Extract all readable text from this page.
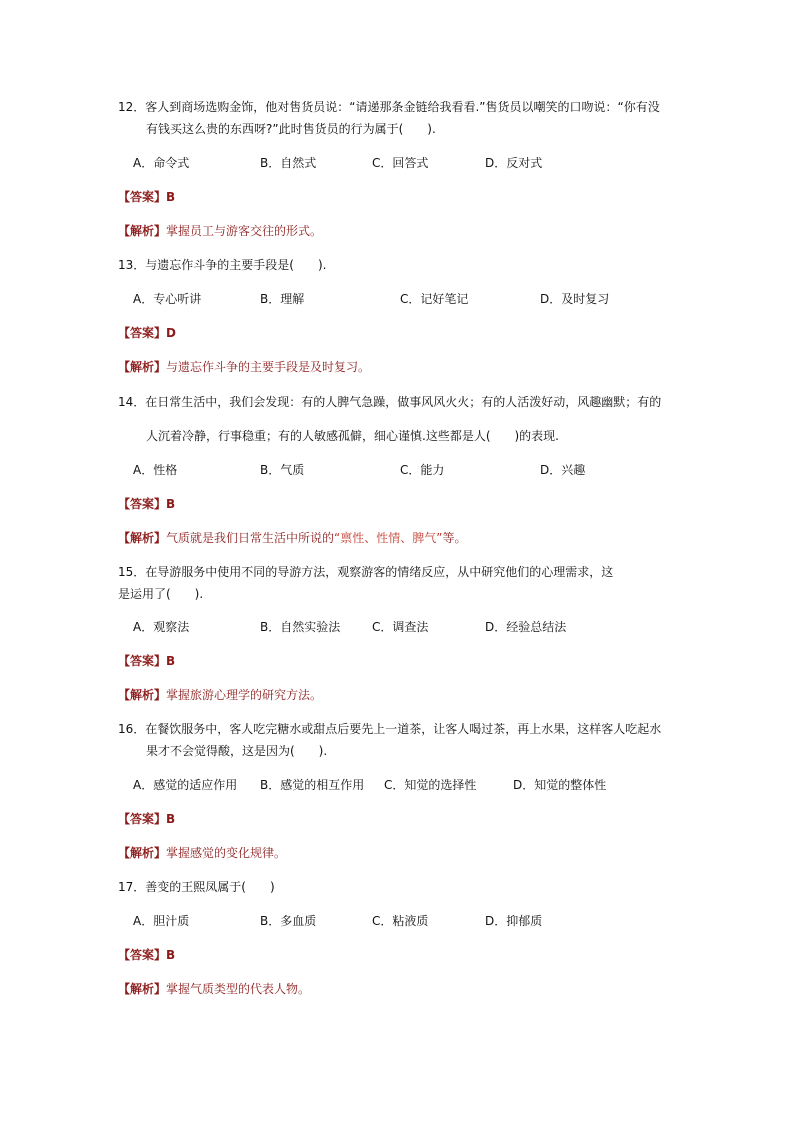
12．客人到商场选购金饰，他对售货员说：“请递那条金链给我看看.”售货员以嘲笑的口吻说：“你有没
有钱买这么贵的东西呀?”此时售货员的行为属于(　　).
A．命令式	B．自然式	C．回答式	D．反对式
【答案】B
【解析】掌握员工与游客交往的形式。
13．与遗忘作斗争的主要手段是(　　).
A．专心听讲	B．理解	C．记好笔记	D．及时复习
【答案】D
【解析】与遗忘作斗争的主要手段是及时复习。
14．在日常生活中，我们会发现：有的人脾气急躁，做事风风火火；有的人活泼好动，风趣幽默；有的
人沉着冷静，行事稳重；有的人敏感孤僻，细心谨慎.这些都是人(　　)的表现.
A．性格	B．气质	C．能力	D．兴趣
【答案】B
【解析】气质就是我们日常生活中所说的“禀性、性情、脾气”等。
15．在导游服务中使用不同的导游方法，观察游客的情绪反应，从中研究他们的心理需求，这
是运用了(　　).
A．观察法	B．自然实验法	C．调查法	D．经验总结法
【答案】B
【解析】掌握旅游心理学的研究方法。
16．在餐饮服务中，客人吃完糖水或甜点后要先上一道茶，让客人喝过茶，再上水果，这样客人吃起水
果才不会觉得酸，这是因为(　　).
A．感觉的适应作用 B．感觉的相互作用 C．知觉的选择性	D．知觉的整体性
【答案】B
【解析】掌握感觉的变化规律。
17．善变的王熙凤属于(　　)
A．胆汁质	B．多血质	C．粘液质	D．抑郁质
【答案】B
【解析】掌握气质类型的代表人物。
